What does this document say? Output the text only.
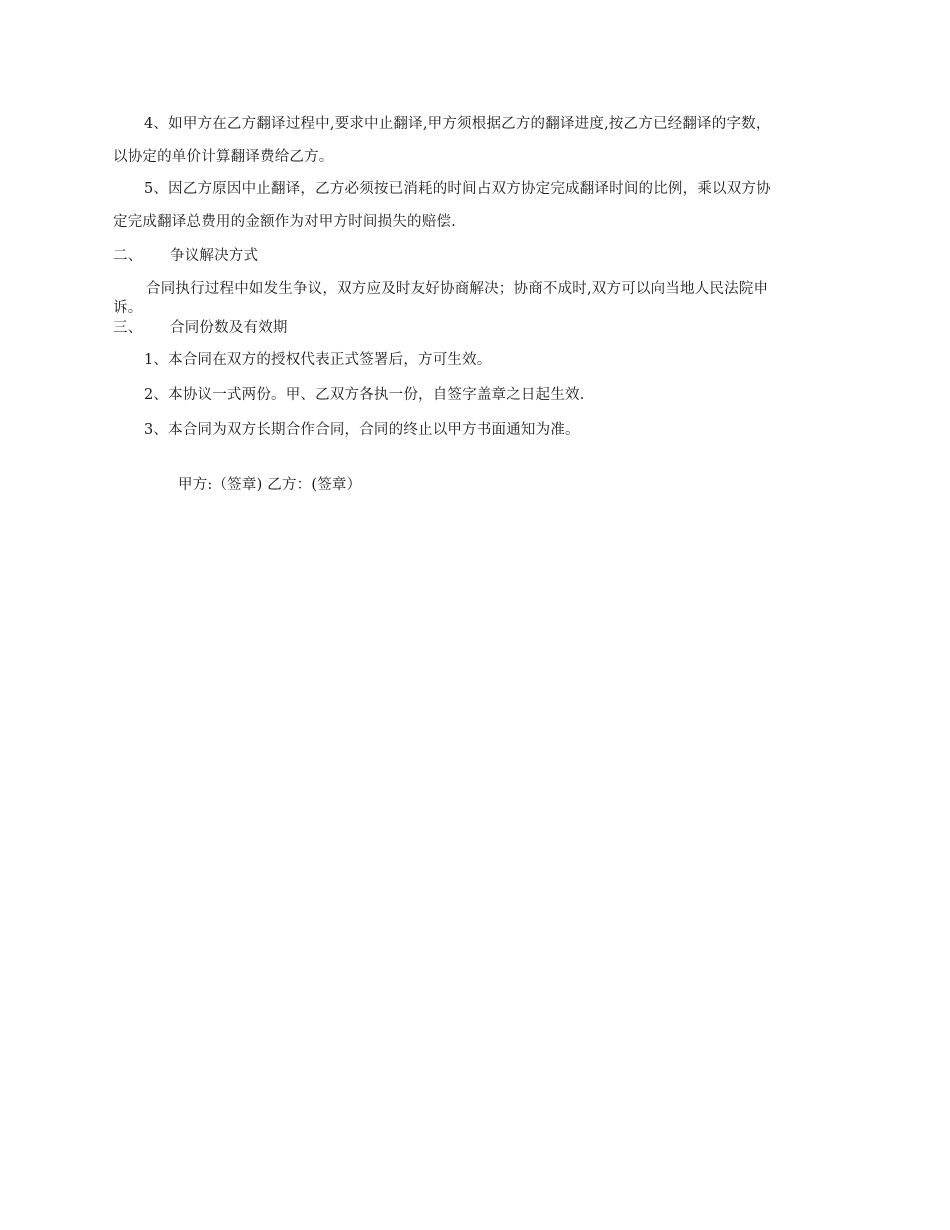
4、如甲方在乙方翻译过程中,要求中止翻译,甲方须根据乙方的翻译进度,按乙方已经翻译的字数，
以协定的单价计算翻译费给乙方。
5、因乙方原因中止翻译，乙方必须按已消耗的时间占双方协定完成翻译时间的比例，乘以双方协
定完成翻译总费用的金额作为对甲方时间损失的赔偿.
二、 争议解决方式
合同执行过程中如发生争议，双方应及时友好协商解决；协商不成时,双方可以向当地人民法院申
诉。
三、 合同份数及有效期
1、本合同在双方的授权代表正式签署后，方可生效。
2、本协议一式两份。甲、乙双方各执一份，自签字盖章之日起生效.
3、本合同为双方长期合作合同，合同的终止以甲方书面通知为准。
甲方:（签章) 乙方：(签章）
